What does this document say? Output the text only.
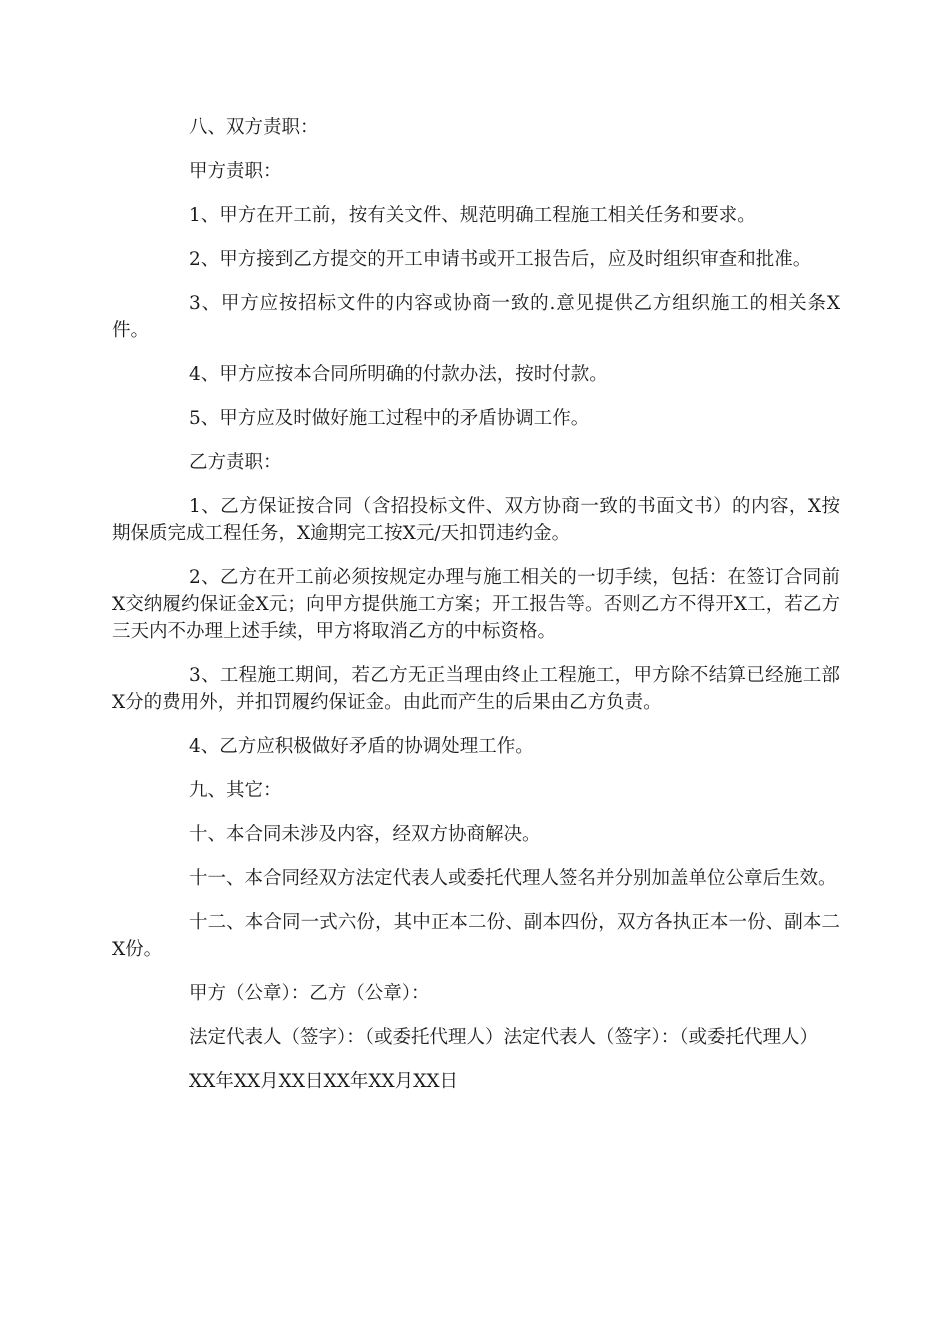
八、双方责职：

甲方责职：

1、甲方在开工前，按有关文件、规范明确工程施工相关任务和要求。

2、甲方接到乙方提交的开工申请书或开工报告后，应及时组织审查和批准。

3、甲方应按招标文件的内容或协商一致的.意见提供乙方组织施工的相关条X件。

4、甲方应按本合同所明确的付款办法，按时付款。

5、甲方应及时做好施工过程中的矛盾协调工作。

乙方责职：

1、乙方保证按合同（含招投标文件、双方协商一致的书面文书）的内容，X按期保质完成工程任务，X逾期完工按X元/天扣罚违约金。

2、乙方在开工前必须按规定办理与施工相关的一切手续，包括：在签订合同前X交纳履约保证金X元；向甲方提供施工方案；开工报告等。否则乙方不得开X工，若乙方三天内不办理上述手续，甲方将取消乙方的中标资格。

3、工程施工期间，若乙方无正当理由终止工程施工，甲方除不结算已经施工部X分的费用外，并扣罚履约保证金。由此而产生的后果由乙方负责。

4、乙方应积极做好矛盾的协调处理工作。

九、其它：

十、本合同未涉及内容，经双方协商解决。

十一、本合同经双方法定代表人或委托代理人签名并分别加盖单位公章后生效。

十二、本合同一式六份，其中正本二份、副本四份，双方各执正本一份、副本二X份。

甲方（公章）：乙方（公章）：

法定代表人（签字）：（或委托代理人）法定代表人（签字）：（或委托代理人）

XX年XX月XX日XX年XX月XX日
